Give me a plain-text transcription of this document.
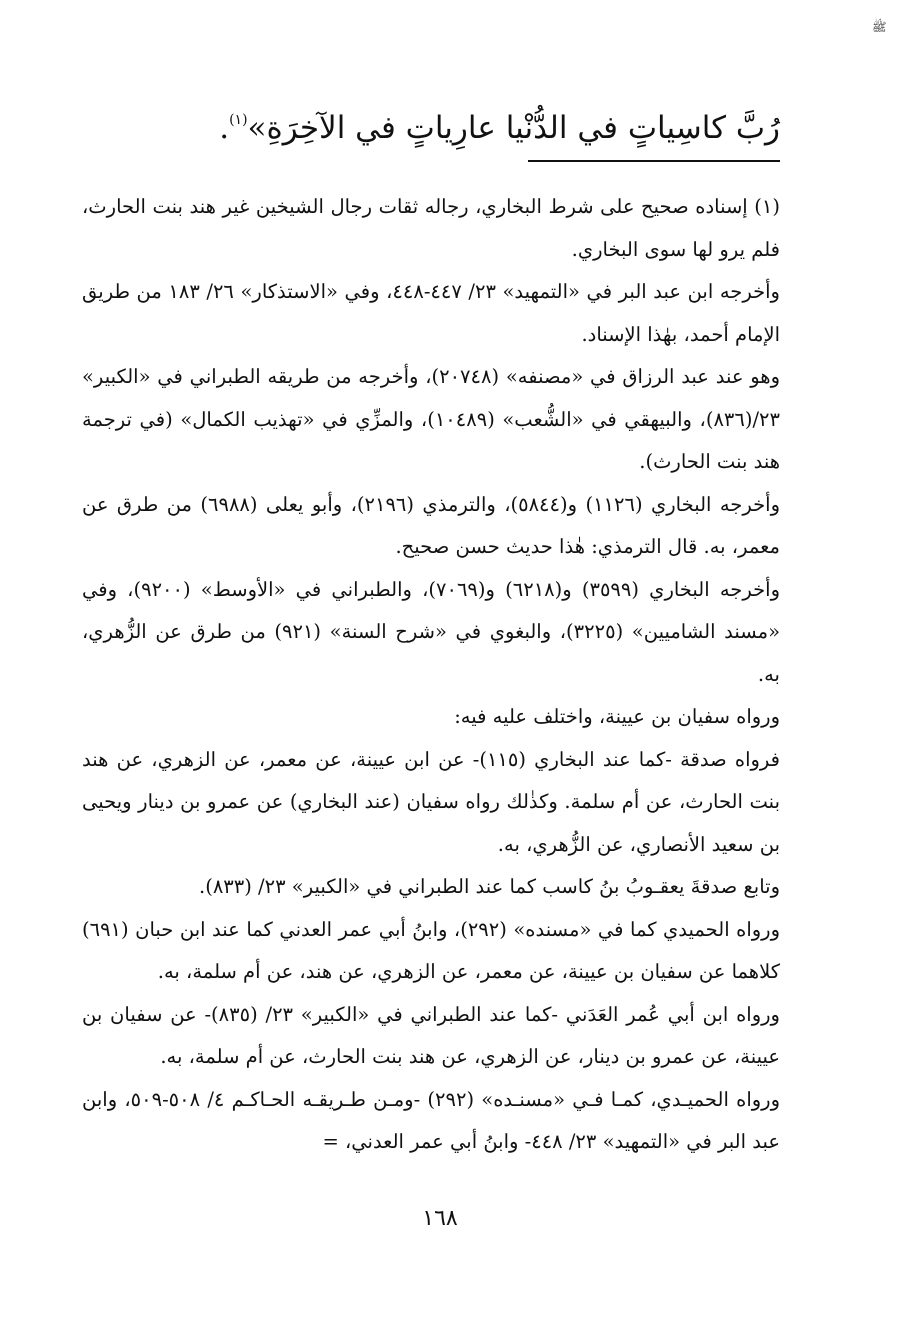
ﷺ
رُبَّ كاسِياتٍ في الدُّنْيا عارِياتٍ في الآخِرَةِ»$^{(١)}$.

(١) إسناده صحيح على شرط البخاري، رجاله ثقات رجال الشيخين غير هند بنت الحارث، فلم يرو لها سوى البخاري.

وأخرجه ابن عبد البر في «التمهيد» ٢٣/ ٤٤٧-٤٤٨، وفي «الاستذكار» ٢٦/ ١٨٣ من طريق الإمام أحمد، بهٰذا الإسناد.

وهو عند عبد الرزاق في «مصنفه» (٢٠٧٤٨)، وأخرجه من طريقه الطبراني في «الكبير» ٢٣/(٨٣٦)، والبيهقي في «الشُّعب» (١٠٤٨٩)، والمزِّي في «تهذيب الكمال» (في ترجمة هند بنت الحارث).

وأخرجه البخاري (١١٢٦) و(٥٨٤٤)، والترمذي (٢١٩٦)، وأبو يعلى (٦٩٨٨) من طرق عن معمر، به. قال الترمذي: هٰذا حديث حسن صحيح.

وأخرجه البخاري (٣٥٩٩) و(٦٢١٨) و(٧٠٦٩)، والطبراني في «الأوسط» (٩٢٠٠)، وفي «مسند الشاميين» (٣٢٢٥)، والبغوي في «شرح السنة» (٩٢١) من طرق عن الزُّهري، به.

ورواه سفيان بن عيينة، واختلف عليه فيه:

فرواه صدقة -كما عند البخاري (١١٥)- عن ابن عيينة، عن معمر، عن الزهري، عن هند بنت الحارث، عن أم سلمة. وكذٰلك رواه سفيان (عند البخاري) عن عمرو بن دينار ويحيى بن سعيد الأنصاري، عن الزُّهري، به.

وتابع صدقةَ يعقـوبُ بنُ كاسب كما عند الطبراني في «الكبير» ٢٣/ (٨٣٣).

ورواه الحميدي كما في «مسنده» (٢٩٢)، وابنُ أبي عمر العدني كما عند ابن حبان (٦٩١) كلاهما عن سفيان بن عيينة، عن معمر، عن الزهري، عن هند، عن أم سلمة، به.

ورواه ابن أبي عُمر العَدَني -كما عند الطبراني في «الكبير» ٢٣/ (٨٣٥)- عن سفيان بن عيينة، عن عمرو بن دينار، عن الزهري، عن هند بنت الحارث، عن أم سلمة، به.

ورواه الحميـدي، كمـا فـي «مسنـده» (٢٩٢) -ومـن طـريقـه الحـاكـم ٤/ ٥٠٨-٥٠٩، وابن عبد البر في «التمهيد» ٢٣/ ٤٤٨- وابنُ أبي عمر العدني، =

١٦٨
